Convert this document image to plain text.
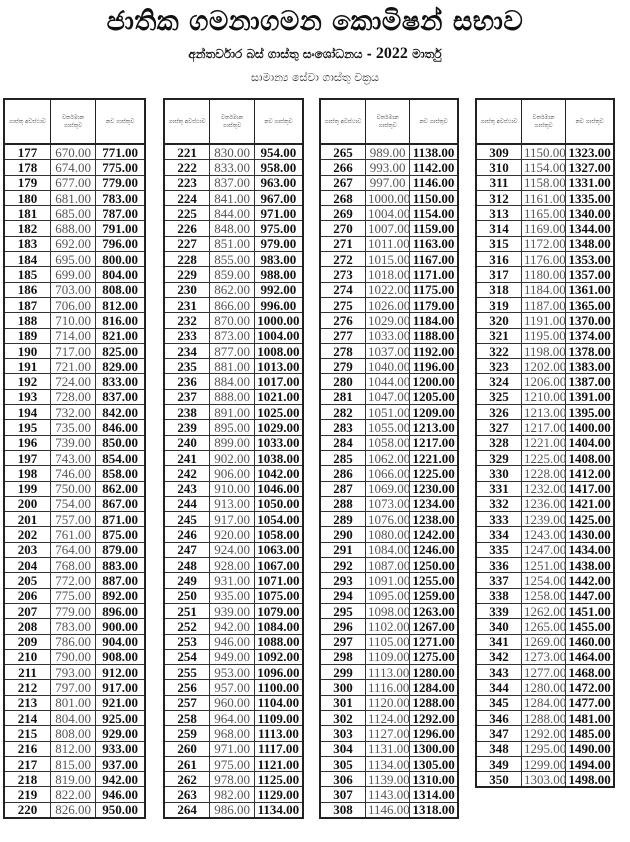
ජාතික ගමනාගමන කොමිෂන් සභාව
අන්තර්වාර බස් ගාස්තු සංශෝධනය - 2022 මාර්තු
සාමාන්‍ය සේවා ගාස්තු වක්‍රය
ගාස්තු අවස්ථාව	වර්තමාන ගාස්තුව	නව ගාස්තුව
177	670.00	771.00
178	674.00	775.00
179	677.00	779.00
180	681.00	783.00
181	685.00	787.00
182	688.00	791.00
183	692.00	796.00
184	695.00	800.00
185	699.00	804.00
186	703.00	808.00
187	706.00	812.00
188	710.00	816.00
189	714.00	821.00
190	717.00	825.00
191	721.00	829.00
192	724.00	833.00
193	728.00	837.00
194	732.00	842.00
195	735.00	846.00
196	739.00	850.00
197	743.00	854.00
198	746.00	858.00
199	750.00	862.00
200	754.00	867.00
201	757.00	871.00
202	761.00	875.00
203	764.00	879.00
204	768.00	883.00
205	772.00	887.00
206	775.00	892.00
207	779.00	896.00
208	783.00	900.00
209	786.00	904.00
210	790.00	908.00
211	793.00	912.00
212	797.00	917.00
213	801.00	921.00
214	804.00	925.00
215	808.00	929.00
216	812.00	933.00
217	815.00	937.00
218	819.00	942.00
219	822.00	946.00
220	826.00	950.00
ගාස්තු අවස්ථාව	වර්තමාන ගාස්තුව	නව ගාස්තුව
221	830.00	954.00
222	833.00	958.00
223	837.00	963.00
224	841.00	967.00
225	844.00	971.00
226	848.00	975.00
227	851.00	979.00
228	855.00	983.00
229	859.00	988.00
230	862.00	992.00
231	866.00	996.00
232	870.00	1000.00
233	873.00	1004.00
234	877.00	1008.00
235	881.00	1013.00
236	884.00	1017.00
237	888.00	1021.00
238	891.00	1025.00
239	895.00	1029.00
240	899.00	1033.00
241	902.00	1038.00
242	906.00	1042.00
243	910.00	1046.00
244	913.00	1050.00
245	917.00	1054.00
246	920.00	1058.00
247	924.00	1063.00
248	928.00	1067.00
249	931.00	1071.00
250	935.00	1075.00
251	939.00	1079.00
252	942.00	1084.00
253	946.00	1088.00
254	949.00	1092.00
255	953.00	1096.00
256	957.00	1100.00
257	960.00	1104.00
258	964.00	1109.00
259	968.00	1113.00
260	971.00	1117.00
261	975.00	1121.00
262	978.00	1125.00
263	982.00	1129.00
264	986.00	1134.00
ගාස්තු අවස්ථාව	වර්තමාන ගාස්තුව	නව ගාස්තුව
265	989.00	1138.00
266	993.00	1142.00
267	997.00	1146.00
268	1000.00	1150.00
269	1004.00	1154.00
270	1007.00	1159.00
271	1011.00	1163.00
272	1015.00	1167.00
273	1018.00	1171.00
274	1022.00	1175.00
275	1026.00	1179.00
276	1029.00	1184.00
277	1033.00	1188.00
278	1037.00	1192.00
279	1040.00	1196.00
280	1044.00	1200.00
281	1047.00	1205.00
282	1051.00	1209.00
283	1055.00	1213.00
284	1058.00	1217.00
285	1062.00	1221.00
286	1066.00	1225.00
287	1069.00	1230.00
288	1073.00	1234.00
289	1076.00	1238.00
290	1080.00	1242.00
291	1084.00	1246.00
292	1087.00	1250.00
293	1091.00	1255.00
294	1095.00	1259.00
295	1098.00	1263.00
296	1102.00	1267.00
297	1105.00	1271.00
298	1109.00	1275.00
299	1113.00	1280.00
300	1116.00	1284.00
301	1120.00	1288.00
302	1124.00	1292.00
303	1127.00	1296.00
304	1131.00	1300.00
305	1134.00	1305.00
306	1139.00	1310.00
307	1143.00	1314.00
308	1146.00	1318.00
ගාස්තු අවස්ථාව	වර්තමාන ගාස්තුව	නව ගාස්තුව
309	1150.00	1323.00
310	1154.00	1327.00
311	1158.00	1331.00
312	1161.00	1335.00
313	1165.00	1340.00
314	1169.00	1344.00
315	1172.00	1348.00
316	1176.00	1353.00
317	1180.00	1357.00
318	1184.00	1361.00
319	1187.00	1365.00
320	1191.00	1370.00
321	1195.00	1374.00
322	1198.00	1378.00
323	1202.00	1383.00
324	1206.00	1387.00
325	1210.00	1391.00
326	1213.00	1395.00
327	1217.00	1400.00
328	1221.00	1404.00
329	1225.00	1408.00
330	1228.00	1412.00
331	1232.00	1417.00
332	1236.00	1421.00
333	1239.00	1425.00
334	1243.00	1430.00
335	1247.00	1434.00
336	1251.00	1438.00
337	1254.00	1442.00
338	1258.00	1447.00
339	1262.00	1451.00
340	1265.00	1455.00
341	1269.00	1460.00
342	1273.00	1464.00
343	1277.00	1468.00
344	1280.00	1472.00
345	1284.00	1477.00
346	1288.00	1481.00
347	1292.00	1485.00
348	1295.00	1490.00
349	1299.00	1494.00
350	1303.00	1498.00
